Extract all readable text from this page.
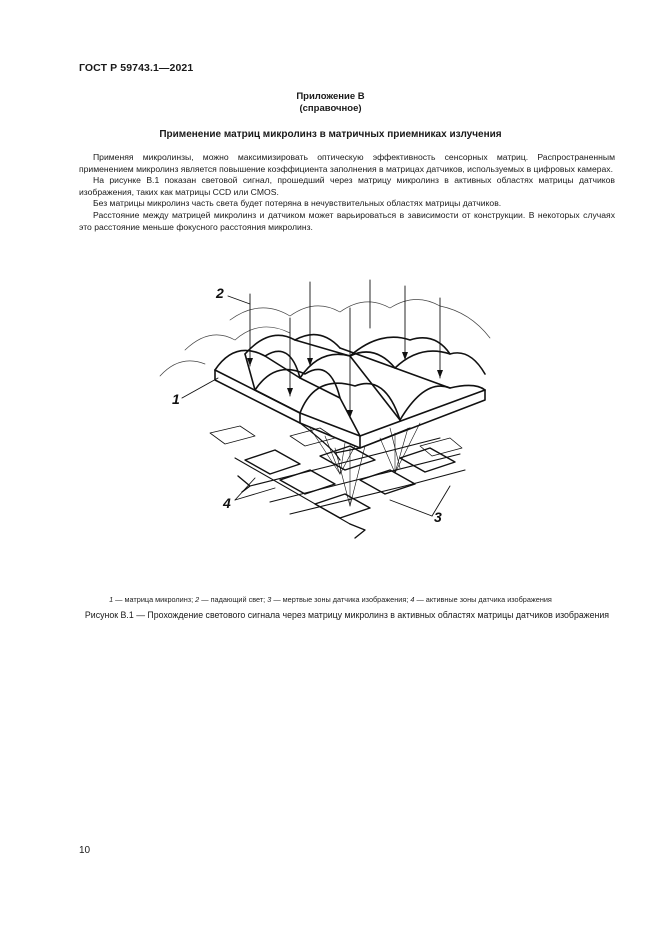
ГОСТ Р 59743.1—2021
Приложение В
(справочное)
Применение матриц микролинз в матричных приемниках излучения

Применяя микролинзы, можно максимизировать оптическую эффективность сенсорных матриц. Распространенным применением микролинз является повышение коэффициента заполнения в матрицах датчиков, используемых в цифровых камерах.

На рисунке В.1 показан световой сигнал, прошедший через матрицу микролинз в активных областях матрицы датчиков изображения, таких как матрицы CCD или CMOS.

Без матрицы микролинз часть света будет потеряна в нечувствительных областях матрицы датчиков.

Расстояние между матрицей микролинз и датчиком может варьироваться в зависимости от конструкции. В некоторых случаях это расстояние меньше фокусного расстояния микролинз.

2
1
4
3
1 — матрица микролинз; 2 — падающий свет; 3 — мертвые зоны датчика изображения; 4 — активные зоны датчика изображения
Рисунок В.1 — Прохождение светового сигнала через матрицу микролинз в активных областях матрицы датчиков изображения
10
